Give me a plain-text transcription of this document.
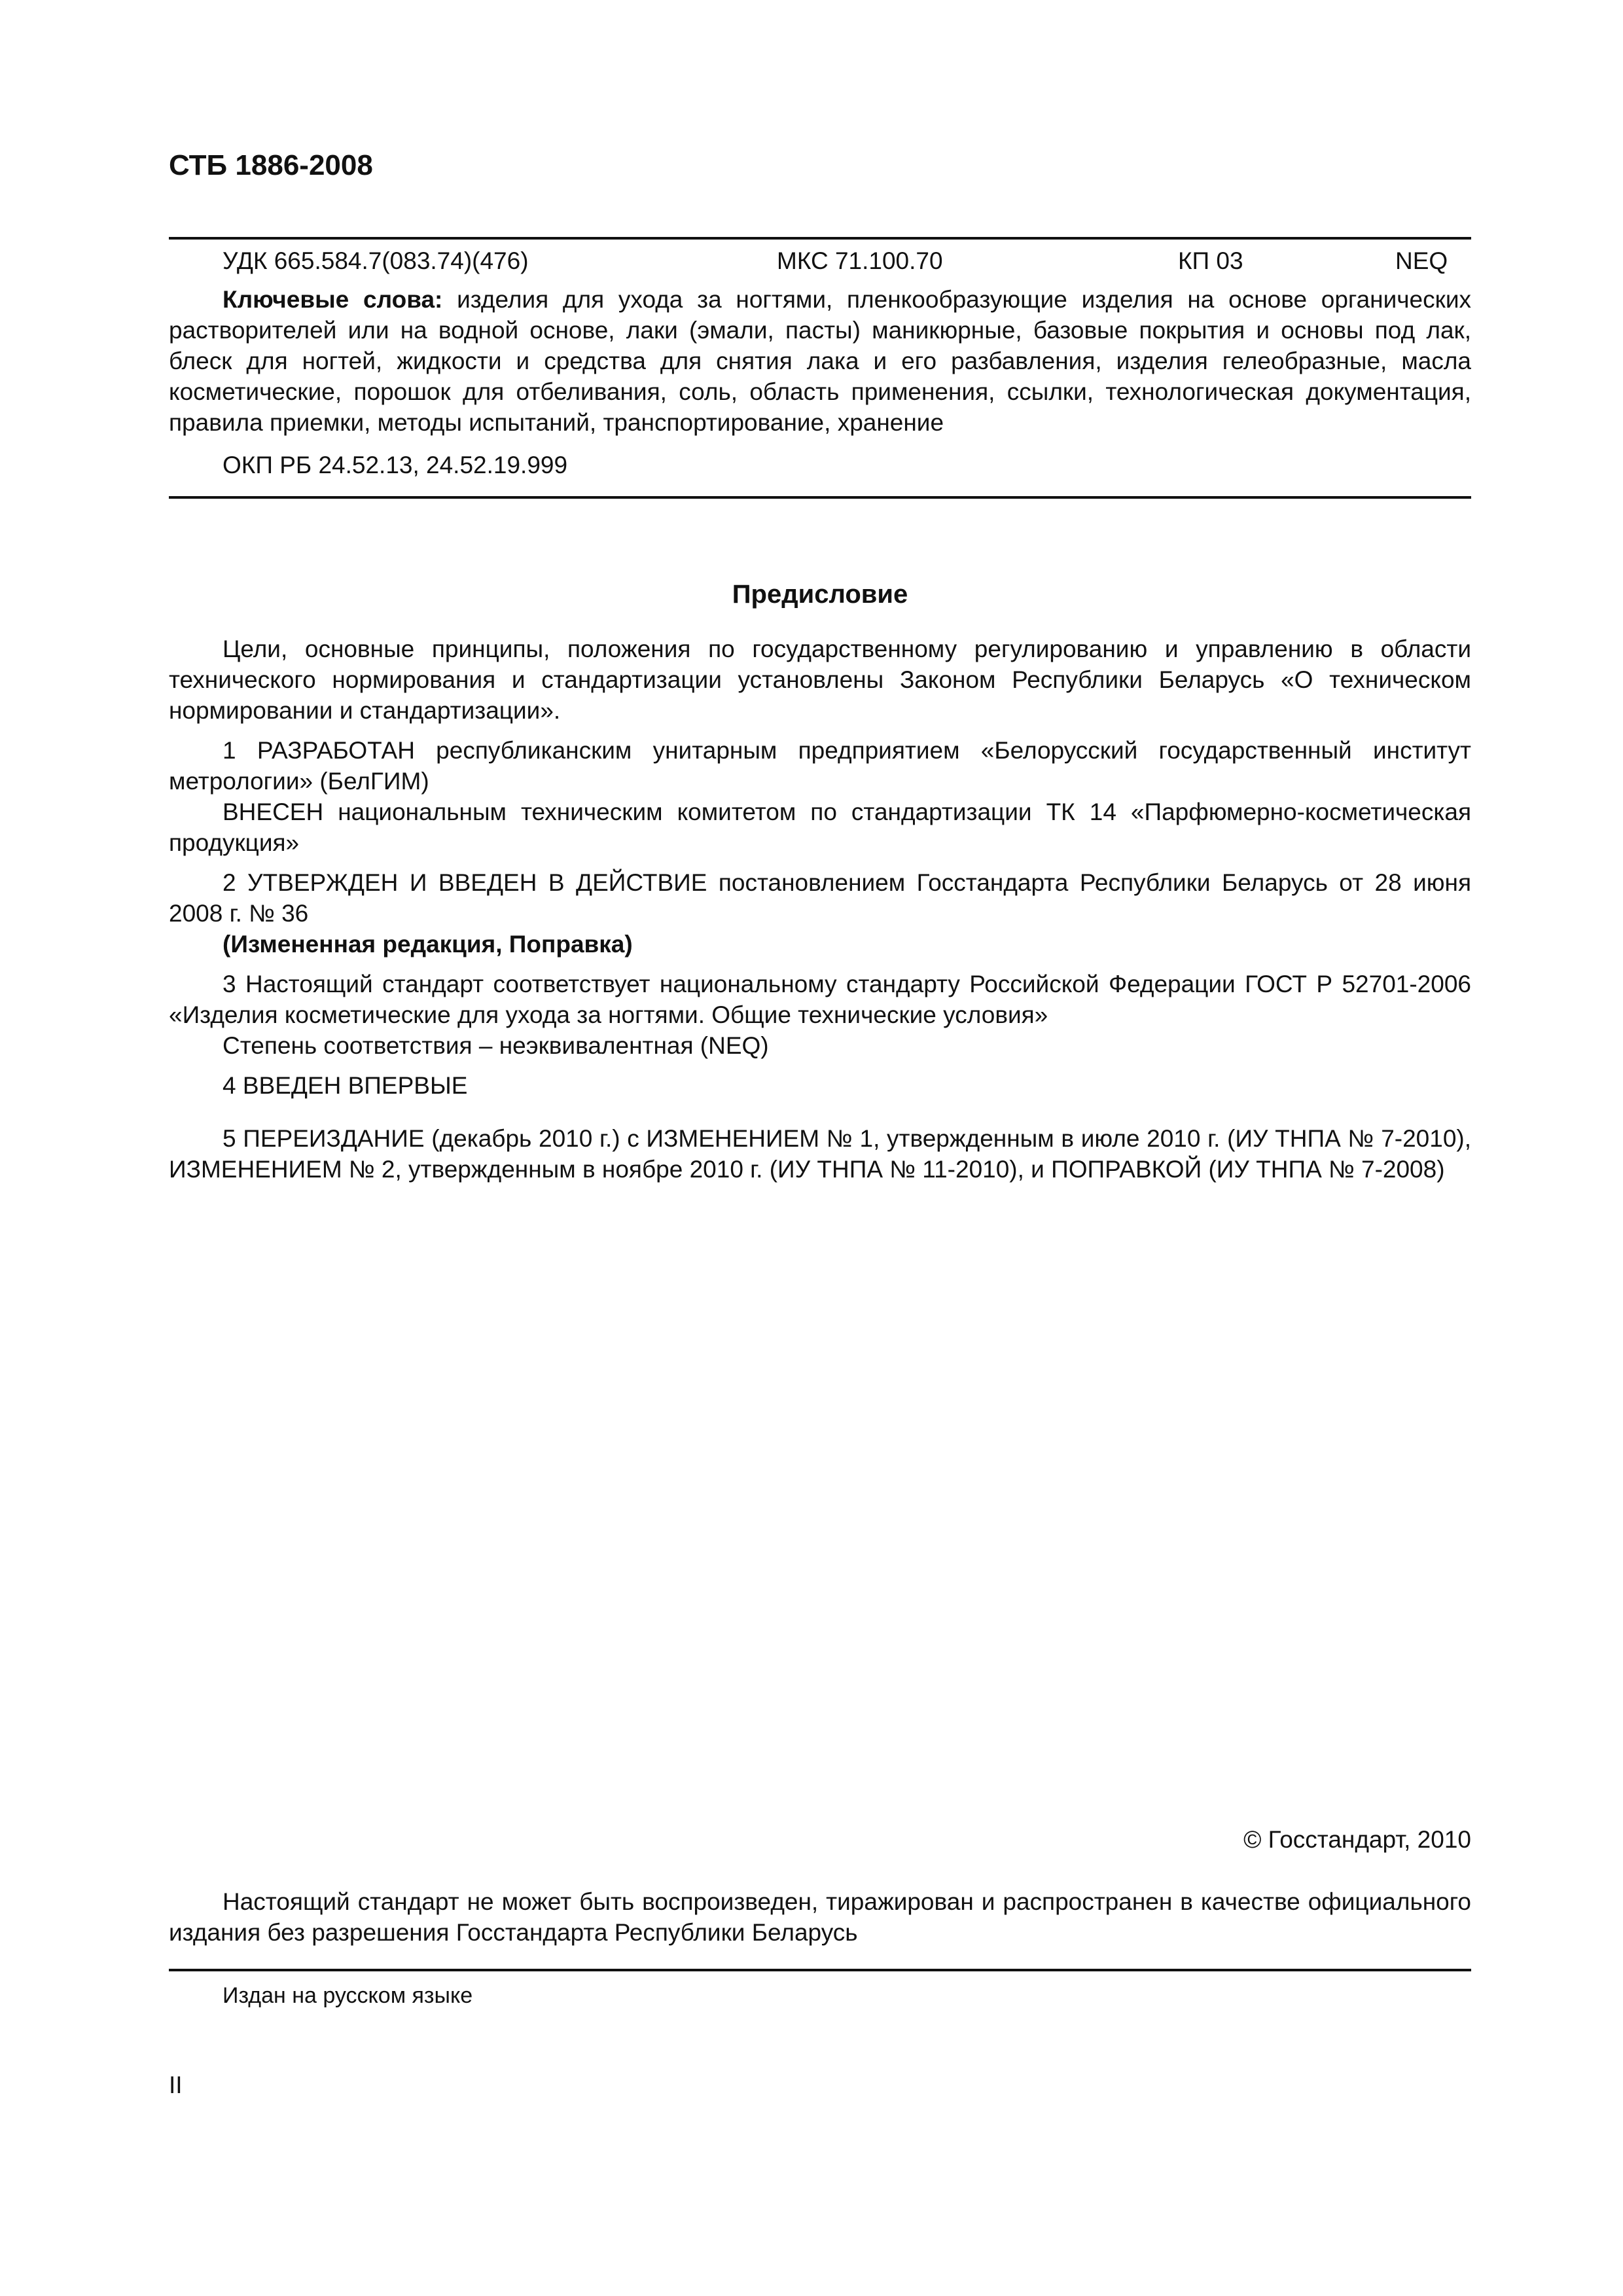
СТБ 1886-2008
УДК 665.584.7(083.74)(476)	МКС 71.100.70	КП 03	NEQ

Ключевые слова: изделия для ухода за ногтями, пленкообразующие изделия на основе органических растворителей или на водной основе, лаки (эмали, пасты) маникюрные, базовые покрытия и основы под лак, блеск для ногтей, жидкости и средства для снятия лака и его разбавления, изделия гелеобразные, масла косметические, порошок для отбеливания, соль, область применения, ссылки, технологическая документация, правила приемки, методы испытаний, транспортирование, хранение

ОКП РБ 24.52.13, 24.52.19.999
Предисловие

Цели, основные принципы, положения по государственному регулированию и управлению в области технического нормирования и стандартизации установлены Законом Республики Беларусь «О техническом нормировании и стандартизации».

1 РАЗРАБОТАН республиканским унитарным предприятием «Белорусский государственный институт метрологии» (БелГИМ)

ВНЕСЕН национальным техническим комитетом по стандартизации ТК 14 «Парфюмерно-косметическая продукция»

2 УТВЕРЖДЕН И ВВЕДЕН В ДЕЙСТВИЕ постановлением Госстандарта Республики Беларусь от 28 июня 2008 г. № 36

(Измененная редакция, Поправка)

3 Настоящий стандарт соответствует национальному стандарту Российской Федерации ГОСТ Р 52701-2006 «Изделия косметические для ухода за ногтями. Общие технические условия»

Степень соответствия – неэквивалентная (NEQ)

4 ВВЕДЕН ВПЕРВЫЕ

5 ПЕРЕИЗДАНИЕ (декабрь 2010 г.) с ИЗМЕНЕНИЕМ № 1, утвержденным в июле 2010 г. (ИУ ТНПА № 7-2010), ИЗМЕНЕНИЕМ № 2, утвержденным в ноябре 2010 г. (ИУ ТНПА № 11-2010), и ПОПРАВКОЙ (ИУ ТНПА № 7-2008)

© Госстандарт, 2010

Настоящий стандарт не может быть воспроизведен, тиражирован и распространен в качестве официального издания без разрешения Госстандарта Республики Беларусь

Издан на русском языке
II
